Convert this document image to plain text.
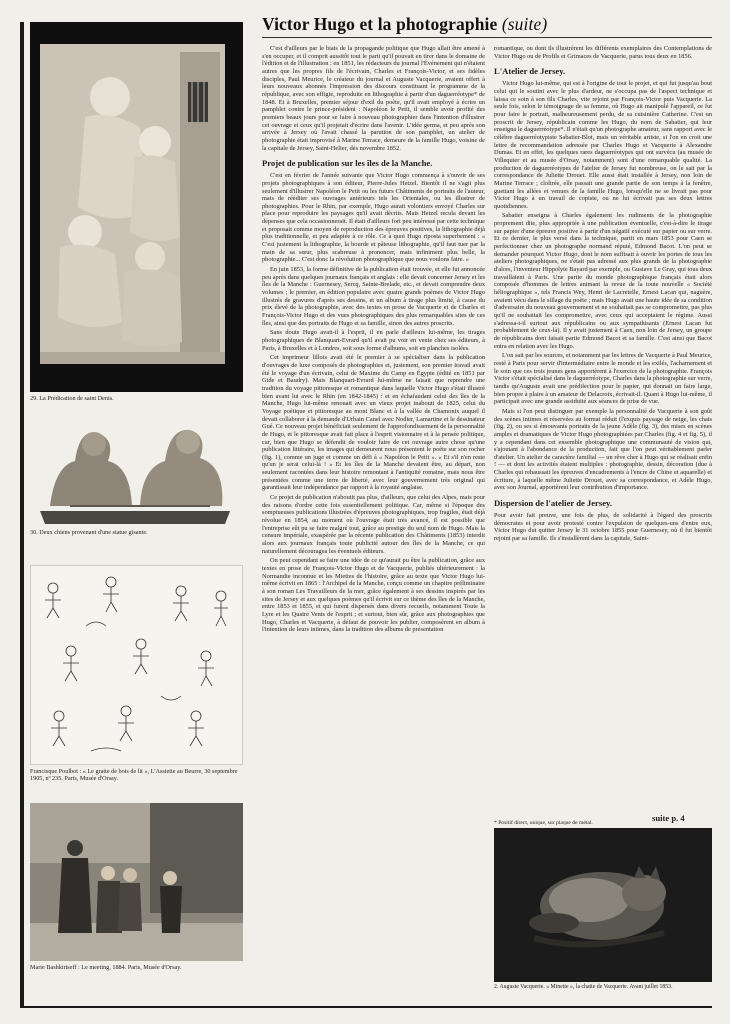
29. La Prédication de saint Denis.
30. Deux chiens provenant d'une statue gisante.
Francisque Poulbot : « Le gratte de bois de lit », L'Assiette au Beurre, 30 septembre 1905, nº 235. Paris, Musée d'Orsay.
Marie Bashkirtseff : Le meeting, 1884. Paris, Musée d'Orsay.
Victor Hugo et la photographie (suite)

C'est d'ailleurs par le biais de la propagande politique que Hugo allait être amené à s'en occuper, et il comprit aussitôt tout le parti qu'il pouvait en tirer dans le domaine de l'édition et de l'illustration : en 1851, les rédacteurs du journal l'Événement qui n'étaient autres que les propres fils de l'écrivain, Charles et François-Victor, et ses fidèles disciples, Paul Meurice, le créateur du journal et Auguste Vacquerie, avaient offert à leurs nouveaux abonnés l'impression des discours constituant le programme de la république, avec son effigie, reproduite en lithographie à partir d'un daguerréotype* de 1848. Et à Bruxelles, premier séjour d'exil du poète, qu'il avait employé à écrire un pamphlet contre le prince-président : Napoléon le Petit, il semble avoir profité des premiers beaux jours pour se faire à nouveau photographier dans l'intention d'illustrer cet ouvrage et ceux qu'il projetait d'écrire dans l'avenir. L'idée germa, et peu après son arrivée à Jersey où l'avait chassé la parution de son pamphlet, un atelier de photographie était improvisé à Marine Terrace, demeure de la famille Hugo, voisine de la capitale de Jersey, Saint-Helier, dès novembre 1852.

Projet de publication sur les îles de la Manche.

C'est en février de l'année suivante que Victor Hugo commença à s'ouvrir de ses projets photographiques à son éditeur, Pierre-Jules Hetzel. Bientôt il ne s'agit plus seulement d'illustrer Napoléon le Petit ou les futurs Châtiments de portraits de l'auteur, mais de rééditer ses ouvrages antérieurs tels les Orientales, ou les illustrer de photographies. Pour le Rhin, par exemple, Hugo aurait volontiers envoyé Charles sur place pour reproduire les paysages qu'il avait décrits. Mais Hetzel recula devant les dépenses que cela occasionnerait. Il était d'ailleurs fort peu intéressé par cette technique et proposait comme moyen de reproduction des épreuves positives, la lithographie déjà plus traditionnelle, et peu adaptée à ce rôle. Ce à quoi Hugo riposta superbement : « C'est justement la lithographie, la bourde et pâteuse lithographie, qu'il faut tuer par la main de sa sœur, plus scabreuse à prononcer, mais infiniment plus belle, la photographie... C'est donc la révolution photographique que nous voulons faire. »

En juin 1853, la forme définitive de la publication était trouvée, et elle fut annoncée peu après dans quelques journaux français et anglais : elle devait concerner Jersey et les îles de la Manche : Guernesey, Sercq, Sainte-Brelade, etc., et devait comprendre deux volumes ; le premier, en édition populaire avec quatre grands poèmes de Victor Hugo illustrés de gravures d'après ses dessins, et un album à tirage plus limité, à cause du prix élevé de la photographie, avec des textes en prose de Vacquerie et de Charles et François-Victor Hugo et des vues photographiques des plus remarquables sites de ces îles, ainsi que des portraits de Hugo et sa famille, sinon des autres proscrits.

Sans doute Hugo avait-il à l'esprit, il en parle d'ailleurs lui-même, les tirages photographiques de Blanquart-Evrard qu'il avait pu voir en vente chez ses éditeurs, à Paris, à Bruxelles et à Londres, soit sous forme d'albums, soit en planches isolées.

Cet imprimeur lillois avait été le premier à se spécialiser dans la publication d'ouvrages de luxe composés de photographies et, justement, son premier travail avait été le voyage d'un écrivain, celui de Maxime du Camp en Égypte (édité en 1851 par Gide et Baudry). Mais Blanquart-Evrard lui-même ne faisait que reprendre une tradition du voyage pittoresque et romantique dans laquelle Victor Hugo s'était illustré bien avant lui avec le Rhin (en 1842-1845) : et en échafaudant celui des îles de la Manche, Hugo lui-même renouait avec un vieux projet inabouti de 1825, celui du Voyage poétique et pittoresque au mont Blanc et à la vallée de Chamonix auquel il devait collaborer à la demande d'Urbain Canel avec Nodier, Lamartine et le dessinateur Gué. Ce nouveau projet bénéficiait seulement de l'approfondissement de la personnalité de Hugo, et le pittoresque avait fait place à l'esprit visionnaire et à la pensée politique, car, bien que Hugo se défendit de vouloir faire de cet ouvrage autre chose qu'une publication littéraire, les images qui demeurent nous présentent le poète sur son rocher (fig. 1), comme un juge et comme un défi à « Napoléon le Petit ». « Et s'il n'en reste qu'un je serai celui-là ! » Et les îles de la Manche devaient être, au départ, non seulement racontées dans leur histoire remontant à l'antiquité romaine, mais nous être présentées comme une terre de liberté, avec leur gouvernement très original qui garantissait leur indépendance par rapport à la royauté anglaise.

Ce projet de publication n'aboutit pas plus, d'ailleurs, que celui des Alpes, mais pour des raisons d'ordre cette fois essentiellement politique. Car, même si l'époque des somptueuses publications illustrées d'épreuves photographiques, trop fragiles, était déjà révolue en 1854, au moment où l'ouvrage était très avancé, il est possible que l'entreprise eût pu se faire malgré tout, grâce au prestige du seul nom de Hugo. Mais la censure impériale, exaspérée par la récente publication des Châtiments (1853) interdit alors aux journaux français toute publicité autour des îles de la Manche, ce qui naturellement découragea les éventuels éditeurs.

On peut cependant se faire une idée de ce qu'aurait pu être la publication, grâce aux textes en prose de François-Victor Hugo et de Vacquerie, publiés ultérieurement : la Normandie inconnue et les Miettes de l'histoire, grâce au texte que Victor Hugo lui-même écrivit en 1865 : l'Archipel de la Manche, conçu comme un chapitre préliminaire à son roman Les Travailleurs de la mer, grâce également à ses dessins inspirés par les sites de Jersey et aux quelques poèmes qu'il écrivit sur ce thème des îles de la Manche, entre 1853 et 1855, et qui furent dispersés dans divers recueils, notamment Toute la Lyre et les Quatre Vents de l'esprit ; et surtout, bien sûr, grâce aux photographies que Hugo, Charles et Vacquerie, à défaut de pouvoir les publier, composèrent en album à l'intention de leurs intimes, dans la tradition des albums de présentation

romantique, ou dont ils illustrèrent les différents exemplaires des Contemplations de Victor Hugo ou de Profils et Grimaces de Vacquerie, parus tous deux en 1856.

L'Atelier de Jersey.

Victor Hugo lui-même, qui est à l'origine de tout le projet, et qui fut jusqu'au bout celui qui le soutint avec le plus d'ardeur, ne s'occupa pas de l'aspect technique et laissa ce soin à son fils Charles, vite rejoint par François-Victor puis Vacquerie. La seule fois, selon le témoignage de sa femme, où Hugo ait manipulé l'appareil, ce fut pour faire le portrait, malheureusement perdu, de sa cuisinière Catherine. C'est un proscrit de Jersey, républicain comme les Hugo, du nom de Sabatier, qui leur enseigna le daguerréotype*. Il n'était qu'un photographe amateur, sans rapport avec le célèbre daguerréotypiste Sabatier-Blot, mais un véritable artiste, si l'on en croit une lettre de recommandation adressée par Charles Hugo et Vacquerie à Alexandre Dumas. Et en effet, les quelques rares daguerréotypes qui ont survécu (au musée de Villequier et au musée d'Orsay, notamment) sont d'une remarquable qualité. La production de daguerréotypes de l'atelier de Jersey fut nombreuse, on le sait par la correspondance de Juliette Drouet. Elle aussi était installée à Jersey, non loin de Marine Terrace ; cloîtrée, elle passait une grande partie de son temps à la fenêtre, guettant les allées et venues de la famille Hugo, lorsqu'elle ne se livrait pas pour Victor Hugo à un travail de copiste, ou ne lui écrivait pas ses deux lettres quotidiennes.

Sabatier enseigna à Charles également les rudiments de la photographie proprement dite, plus appropriée à une publication éventuelle, c'est-à-dire le tirage sur papier d'une épreuve positive à partir d'un négatif exécuté sur papier ou sur verre. Et ce dernier, le plus versé dans la technique, partit en mars 1853 pour Caen se perfectionner chez un photographe normand réputé, Edmond Bacot. L'on peut se demander pourquoi Victor Hugo, dont le nom suffisait à ouvrir les portes de tous les ateliers photographiques, ne s'était pas adressé aux plus grands de la photographie d'alors, l'inventeur Hippolyte Bayard par exemple, ou Gustave Le Gray, qui tous deux travaillaient à Paris. Une partie du monde photographique français était alors composée d'hommes de lettres animant la revue de la toute nouvelle « Société héliographique », tels Francis Wey, Henri de Lacretelle, Ernest Lacan qui, naguère, avaient vécu dans le sillage du poète ; mais Hugo avait une haute idée de sa condition d'adversaire du nouveau gouvernement et ne souhaitait pas se compromettre, pas plus qu'il ne souhaitait les compromettre, avec ceux qui acceptaient le régime. Aussi s'adressa-t-il surtout aux républicains ou aux sympathisants (Ernest Lacan fut probablement de ceux-là). Il y avait justement à Caen, non loin de Jersey, un groupe de républicains dont faisait partie Edmond Bacot et sa famille. C'est ainsi que Bacot entra en relation avec les Hugo.

L'on sait par les sources, et notamment par les lettres de Vacquerie à Paul Meurice, resté à Paris pour servir d'intermédiaire entre le monde et les exilés, l'acharnement et le soin que ces trois jeunes gens apportèrent à l'exercice de la photographie. François Victor s'était spécialisé dans le daguerréotype, Charles dans la photographie sur verre, tandis qu'Auguste avait une prédilection pour le papier, qui donnait un faire large, bien propre à plaire à un amateur de Delacroix, écrivait-il. Quant à Hugo lui-même, il participait avec une grande assiduité aux séances de prise de vue.

Mais si l'on peut distinguer par exemple la personnalité de Vacquerie à son goût des scènes intimes et réservées au format réduit (l'exquis paysage de neige, les chats (fig. 2), ou ses si émouvants portraits de la jeune Adèle (fig. 3), des mises en scènes amples et dramatiques de Victor Hugo photographiées par Charles (fig. 4 et fig. 5), il y a cependant dans cet ensemble photographique une communauté de vision qui, s'ajoutant à l'abondance de la production, fait que l'on peut véritablement parler d'atelier. Un atelier de caractère familial — un rêve cher à Hugo qui se réalisait enfin ! — et dont les activités étaient multiples : photographie, dessin, décoration (due à Charles qui rehaussait les épreuves d'encadrements à l'encre de Chine et aquarelle) et écriture, à laquelle même Juliette Drouet, avec sa correspondance, et Adèle Hugo, avec son Journal, apportèrent leur contribution d'importance.

Dispersion de l'atelier de Jersey.

Pour avoir fait preuve, une fois de plus, de solidarité à l'égard des proscrits démocrates et pour avoir protesté contre l'expulsion de quelques-uns d'entre eux, Victor Hugo dut quitter Jersey le 31 octobre 1855 pour Guernesey, où il fut bientôt rejoint par sa famille. Ils s'installèrent dans la capitale, Saint-

* Positif direct, unique, sur plaque de métal.	suite p. 4
2. Auguste Vacquerie. « Minette », la chatte de Vacquerie. Avant juillet 1853.
